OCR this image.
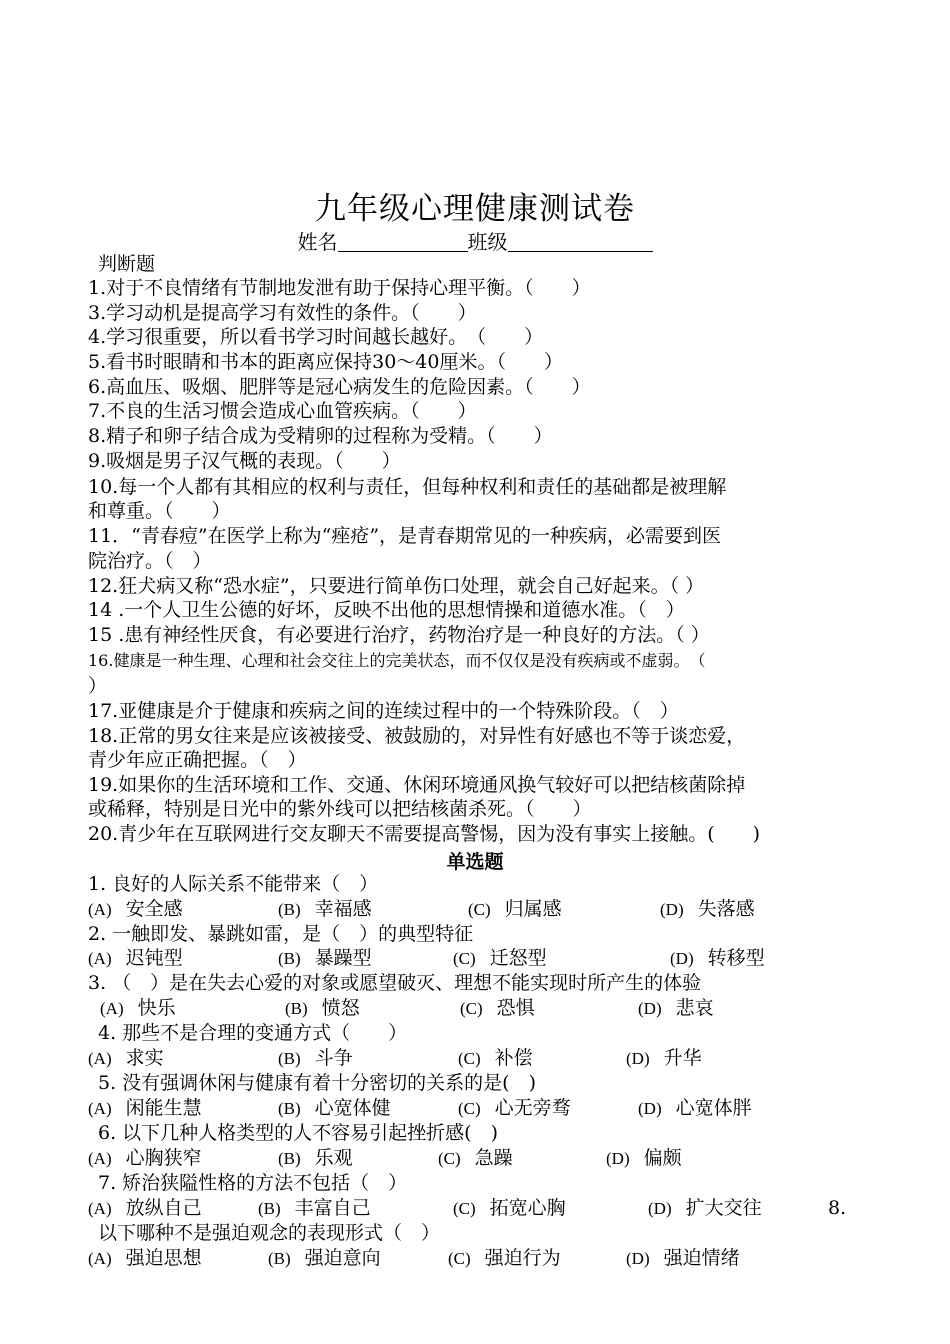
九年级心理健康测试卷
姓名	班级
判断题
1.对于不良情绪有节制地发泄有助于保持心理平衡。（　　）
3.学习动机是提高学习有效性的条件。（　　）
4.学习很重要，所以看书学习时间越长越好。　（　　）
5.看书时眼睛和书本的距离应保持30～40厘米。（　　）
6.高血压、吸烟、肥胖等是冠心病发生的危险因素。（　　）
7.不良的生活习惯会造成心血管疾病。（　　）
8.精子和卵子结合成为受精卵的过程称为受精。（　　）
9.吸烟是男子汉气概的表现。（　　）
10.每一个人都有其相应的权利与责任，但每种权利和责任的基础都是被理解
和尊重。（　　）
11．“青春痘”在医学上称为“痤疮”，是青春期常见的一种疾病，必需要到医
院治疗。（　）
12.狂犬病又称“恐水症”，只要进行简单伤口处理，就会自己好起来。（ ）
14 .一个人卫生公德的好坏，反映不出他的思想情操和道德水准。（　）
15 .患有神经性厌食，有必要进行治疗，药物治疗是一种良好的方法。（ ）
16.健康是一种生理、心理和社会交往上的完美状态，而不仅仅是没有疾病或不虚弱。　（
）
17.亚健康是介于健康和疾病之间的连续过程中的一个特殊阶段。（　）
18.正常的男女往来是应该被接受、被鼓励的，对异性有好感也不等于谈恋爱，
青少年应正确把握。（　）
19.如果你的生活环境和工作、交通、休闲环境通风换气较好可以把结核菌除掉
或稀释，特别是日光中的紫外线可以把结核菌杀死。（　　）
20.青少年在互联网进行交友聊天不需要提高警惕，因为没有事实上接触。(　　)
单选题
1. 良好的人际关系不能带来（　）
(A) 安全感	(B) 幸福感	(C) 归属感	(D) 失落感
2. 一触即发、暴跳如雷，是（　）的典型特征
(A) 迟钝型	(B) 暴躁型	(C) 迁怒型	(D) 转移型
3. （　）是在失去心爱的对象或愿望破灭、理想不能实现时所产生的体验
(A) 快乐	(B) 愤怒	(C) 恐惧	(D) 悲哀
4. 那些不是合理的变通方式（　　）
(A) 求实	(B) 斗争	(C) 补偿	(D) 升华
5. 没有强调休闲与健康有着十分密切的关系的是(　)
(A) 闲能生慧	(B) 心宽体健	(C) 心无旁骛	(D) 心宽体胖
6. 以下几种人格类型的人不容易引起挫折感(　)
(A) 心胸狭窄	(B) 乐观	(C) 急躁	(D) 偏颇
7. 矫治狭隘性格的方法不包括（　）
(A) 放纵自己	(B) 丰富自己	(C) 拓宽心胸	(D) 扩大交往	8.
以下哪种不是强迫观念的表现形式（　）
(A) 强迫思想	(B) 强迫意向	(C) 强迫行为	(D) 强迫情绪
